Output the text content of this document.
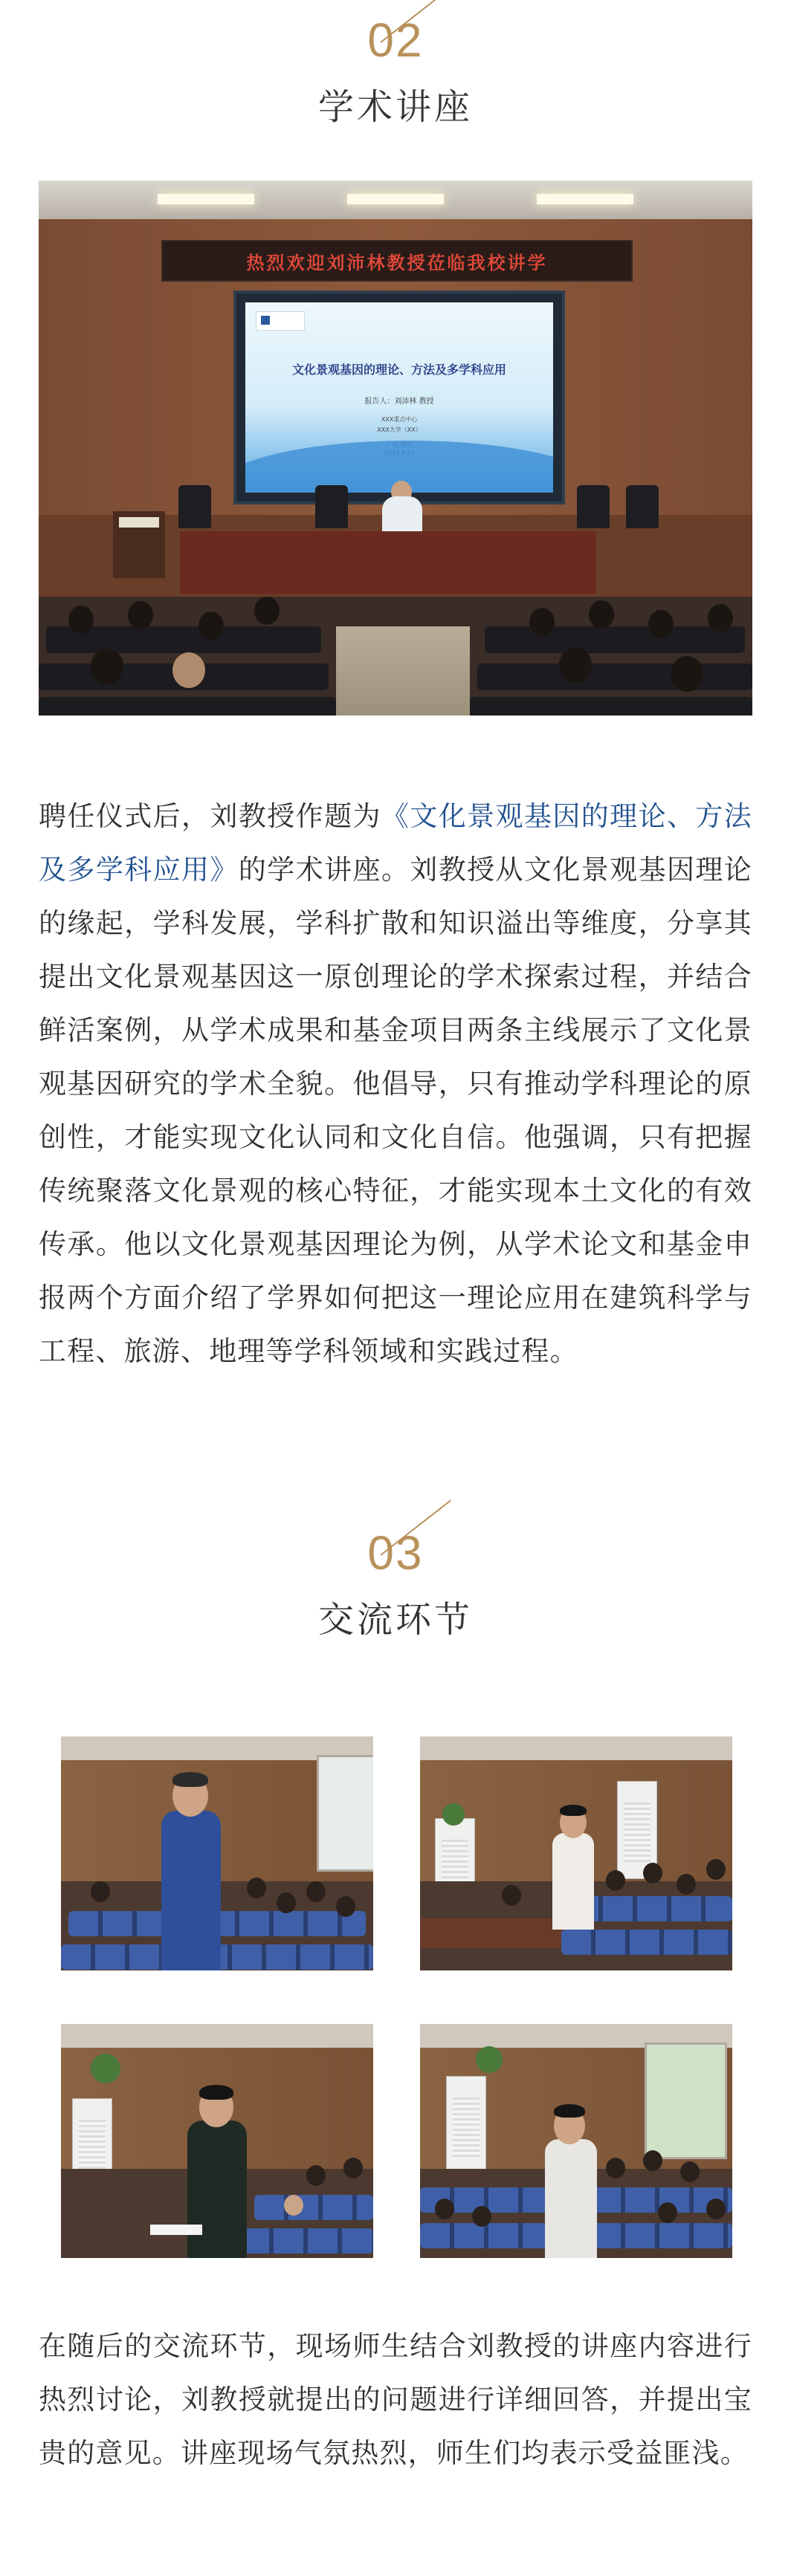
02
学术讲座
热烈欢迎刘沛林教授莅临我校讲学
文化景观基因的理论、方法及多学科应用
报告人：刘沛林 教授
XXX重点中心
XXX大学（XX）

聘任仪式后，刘教授作题为《文化景观基因的理论、方法及多学科应用》的学术讲座。刘教授从文化景观基因理论的缘起，学科发展，学科扩散和知识溢出等维度，分享其提出文化景观基因这一原创理论的学术探索过程，并结合鲜活案例，从学术成果和基金项目两条主线展示了文化景观基因研究的学术全貌。他倡导，只有推动学科理论的原创性，才能实现文化认同和文化自信。他强调，只有把握传统聚落文化景观的核心特征，才能实现本土文化的有效传承。他以文化景观基因理论为例，从学术论文和基金申报两个方面介绍了学界如何把这一理论应用在建筑科学与工程、旅游、地理等学科领域和实践过程。

03
交流环节

在随后的交流环节，现场师生结合刘教授的讲座内容进行热烈讨论，刘教授就提出的问题进行详细回答，并提出宝贵的意见。讲座现场气氛热烈，师生们均表示受益匪浅。
